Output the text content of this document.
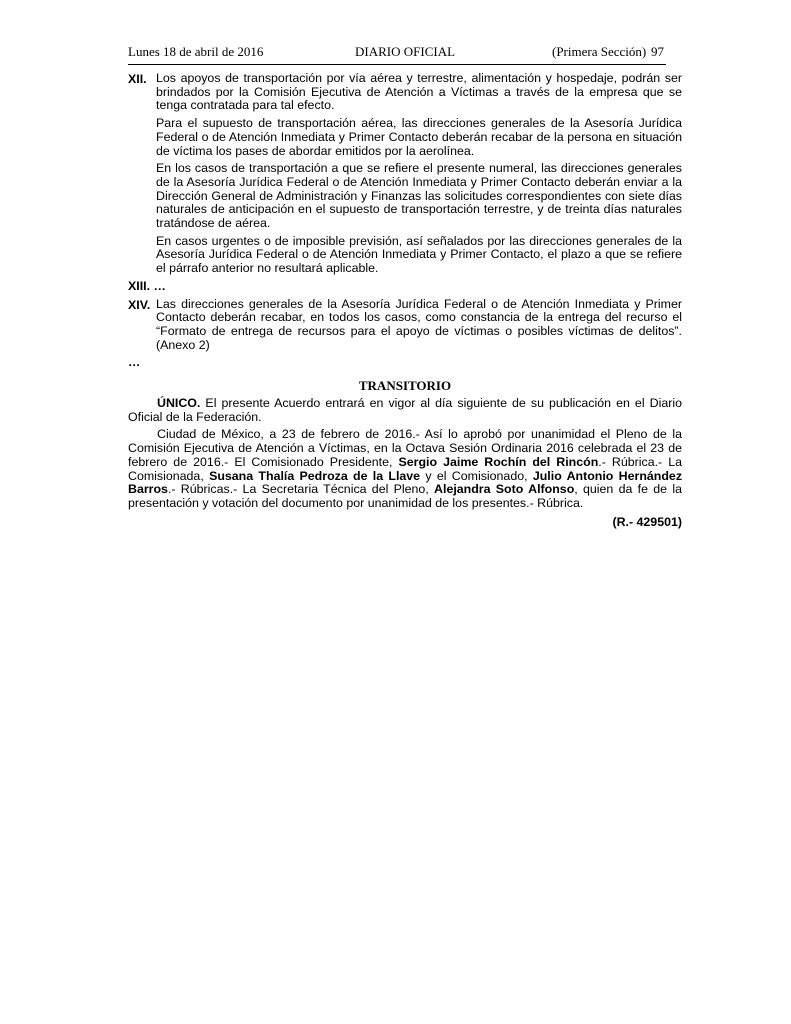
Lunes 18 de abril de 2016	DIARIO OFICIAL	(Primera Sección) 97
XII. Los apoyos de transportación por vía aérea y terrestre, alimentación y hospedaje, podrán ser brindados por la Comisión Ejecutiva de Atención a Víctimas a través de la empresa que se tenga contratada para tal efecto.

Para el supuesto de transportación aérea, las direcciones generales de la Asesoría Jurídica Federal o de Atención Inmediata y Primer Contacto deberán recabar de la persona en situación de víctima los pases de abordar emitidos por la aerolínea.

En los casos de transportación a que se refiere el presente numeral, las direcciones generales de la Asesoría Jurídica Federal o de Atención Inmediata y Primer Contacto deberán enviar a la Dirección General de Administración y Finanzas las solicitudes correspondientes con siete días naturales de anticipación en el supuesto de transportación terrestre, y de treinta días naturales tratándose de aérea.

En casos urgentes o de imposible previsión, así señalados por las direcciones generales de la Asesoría Jurídica Federal o de Atención Inmediata y Primer Contacto, el plazo a que se refiere el párrafo anterior no resultará aplicable.

XIII. …
XIV. Las direcciones generales de la Asesoría Jurídica Federal o de Atención Inmediata y Primer Contacto deberán recabar, en todos los casos, como constancia de la entrega del recurso el “Formato de entrega de recursos para el apoyo de víctimas o posibles víctimas de delitos”. (Anexo 2)

…
TRANSITORIO

ÚNICO. El presente Acuerdo entrará en vigor al día siguiente de su publicación en el Diario Oficial de la Federación.

Ciudad de México, a 23 de febrero de 2016.- Así lo aprobó por unanimidad el Pleno de la Comisión Ejecutiva de Atención a Víctimas, en la Octava Sesión Ordinaria 2016 celebrada el 23 de febrero de 2016.- El Comisionado Presidente, Sergio Jaime Rochín del Rincón.- Rúbrica.- La Comisionada, Susana Thalía Pedroza de la Llave y el Comisionado, Julio Antonio Hernández Barros.- Rúbricas.- La Secretaria Técnica del Pleno, Alejandra Soto Alfonso, quien da fe de la presentación y votación del documento por unanimidad de los presentes.- Rúbrica.

(R.- 429501)
